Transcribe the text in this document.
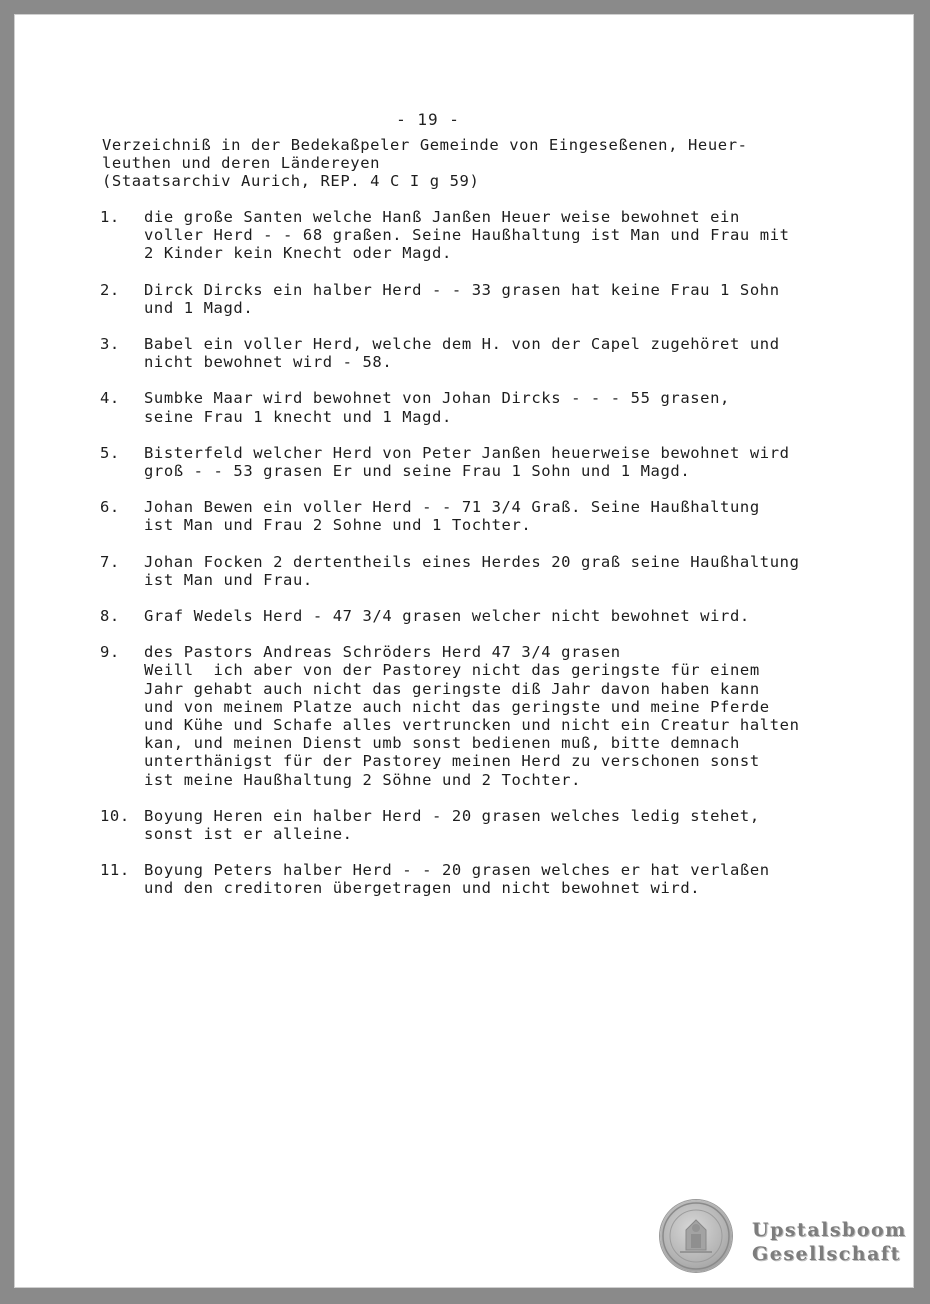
- 19 -
Verzeichniß in der Bedekaßpeler Gemeinde von Eingeseßenen, Heuer-
leuthen und deren Ländereyen
(Staatsarchiv Aurich, REP. 4 C I g 59)
1.	die große Santen welche Hanß Janßen Heuer weise bewohnet ein
voller Herd - - 68 graßen. Seine Haußhaltung ist Man und Frau mit
2 Kinder kein Knecht oder Magd.
2.	Dirck Dircks ein halber Herd - - 33 grasen hat keine Frau 1 Sohn
und 1 Magd.
3.	Babel ein voller Herd, welche dem H. von der Capel zugehöret und
nicht bewohnet wird - 58.
4.	Sumbke Maar wird bewohnet von Johan Dircks - - - 55 grasen,
seine Frau 1 knecht und 1 Magd.
5.	Bisterfeld welcher Herd von Peter Janßen heuerweise bewohnet wird
groß - - 53 grasen Er und seine Frau 1 Sohn und 1 Magd.
6.	Johan Bewen ein voller Herd - - 71 3/4 Graß. Seine Haußhaltung
ist Man und Frau 2 Sohne und 1 Tochter.
7.	Johan Focken 2 dertentheils eines Herdes 20 graß seine Haußhaltung
ist Man und Frau.
8.	Graf Wedels Herd - 47 3/4 grasen welcher nicht bewohnet wird.
9.	des Pastors Andreas Schröders Herd 47 3/4 grasen
Weill  ich aber von der Pastorey nicht das geringste für einem
Jahr gehabt auch nicht das geringste diß Jahr davon haben kann
und von meinem Platze auch nicht das geringste und meine Pferde
und Kühe und Schafe alles vertruncken und nicht ein Creatur halten
kan, und meinen Dienst umb sonst bedienen muß, bitte demnach
unterthänigst für der Pastorey meinen Herd zu verschonen sonst
ist meine Haußhaltung 2 Söhne und 2 Tochter.
10. Boyung Heren ein halber Herd - 20 grasen welches ledig stehet,
sonst ist er alleine.
11. Boyung Peters halber Herd - - 20 grasen welches er hat verlaßen
und den creditoren übergetragen und nicht bewohnet wird.
Upstalsboom
Gesellschaft
